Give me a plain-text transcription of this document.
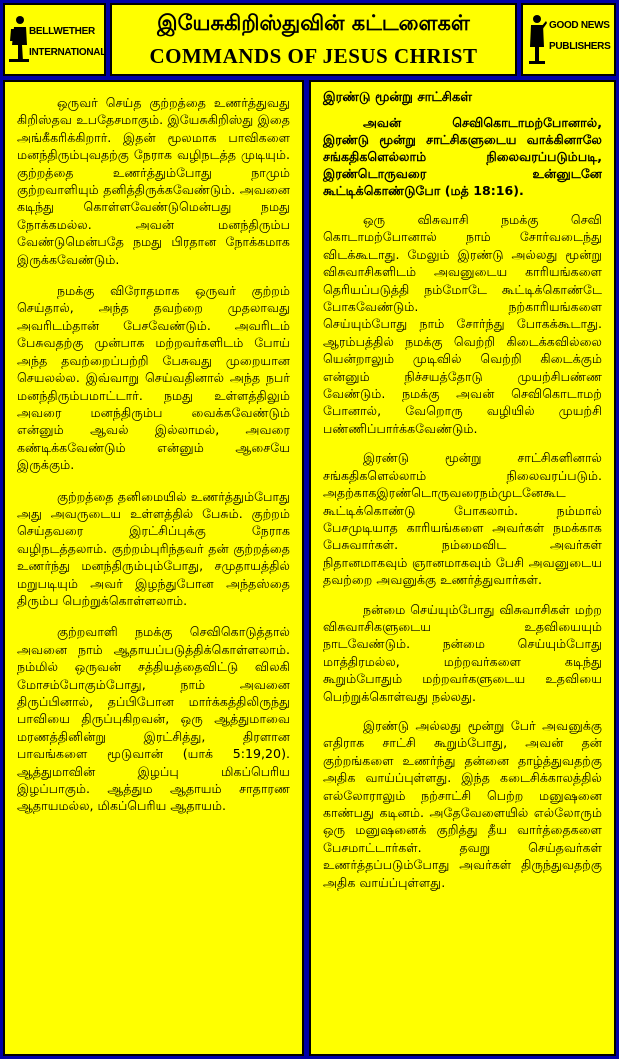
BELLWETHER
INTERNATIONAL
இயேசுகிறிஸ்துவின் கட்டளைகள்
COMMANDS OF JESUS CHRIST
GOOD NEWS
PUBLISHERS

ஒருவர் செய்த குற்றத்தை உணர்த்துவது கிறிஸ்தவ உபதேசமாகும். இயேசுகிறிஸ்து இதை அங்கீகரிக்கிறார். இதன் மூலமாக பாவிகளை மனந்திரும்புவதற்கு நேராக வழிநடத்த முடியும். குற்றத்தை உணர்த்தும்போது நாமும் குற்றவாளியும் தனித்திருக்கவேண்டும். அவனை கடிந்து கொள்ளவேண்டுமென்பது நமது நோக்கமல்ல. அவன் மனந்திரும்ப வேண்டுமென்பதே நமது பிரதான நோக்கமாக இருக்கவேண்டும்.

நமக்கு விரோதமாக ஒருவர் குற்றம் செய்தால், அந்த தவற்றை முதலாவது அவரிடம்தான் பேசவேண்டும். அவரிடம் பேசுவதற்கு முன்பாக மற்றவர்களிடம் போய் அந்த தவற்றைப்பற்றி பேசுவது முறையான செயலல்ல. இவ்வாறு செய்வதினால் அந்த நபர் மனந்திரும்பமாட்டார். நமது உள்ளத்திலும் அவரை மனந்திரும்ப வைக்கவேண்டும் என்னும் ஆவல் இல்லாமல், அவரை கண்டிக்கவேண்டும் என்னும் ஆசையே இருக்கும்.

குற்றத்தை தனிமையில் உணர்த்தும்போது அது அவருடைய உள்ளத்தில் பேசும். குற்றம் செய்தவரை இரட்சிப்புக்கு நேராக வழிநடத்தலாம். குற்றம்புரிந்தவர் தன் குற்றத்தை உணர்ந்து மனந்திரும்பும்போது, சமுதாயத்தில் மறுபடியும் அவர் இழந்துபோன அந்தஸ்தை திரும்ப பெற்றுக்கொள்ளலாம்.

குற்றவாளி நமக்கு செவிகொடுத்தால் அவனை நாம் ஆதாயப்படுத்திக்கொள்ளலாம். நம்மில் ஒருவன் சத்தியத்தைவிட்டு விலகி மோசம்போகும்போது, நாம் அவனை திருப்பினால், தப்பிபோன மார்க்கத்திலிருந்து பாவியை திருப்புகிறவன், ஒரு ஆத்துமாவை மரணத்தினின்று இரட்சித்து, திரளான பாவங்களை மூடுவான் (யாக் 5:19,20). ஆத்துமாவின் இழப்பு மிகப்பெரிய இழப்பாகும். ஆத்தும ஆதாயம் சாதாரண ஆதாயமல்ல, மிகப்பெரிய ஆதாயம்.

இரண்டு மூன்று சாட்சிகள்

அவன் செவிகொடாமற்போனால், இரண்டு மூன்று சாட்சிகளுடைய வாக்கினாலே சங்கதிகளெல்லாம் நிலைவரப்படும்படி, இரண்டொருவரை உன்னுடனே கூட்டிக்கொண்டுபோ (மத் 18:16).

ஒரு விசுவாசி நமக்கு செவி கொடாமற்போனால் நாம் சோர்வடைந்து விடக்கூடாது. மேலும் இரண்டு அல்லது மூன்று விசுவாசிகளிடம் அவனுடைய காரியங்களை தெரியப்படுத்தி நம்மோடே கூட்டிக்கொண்டே போகவேண்டும். நற்காரியங்களை செய்யும்போது நாம் சோர்ந்து போகக்கூடாது. ஆரம்பத்தில் நமக்கு வெற்றி கிடைக்கவில்லை யென்றாலும் முடிவில் வெற்றி கிடைக்கும் என்னும் நிச்சயத்தோடு முயற்சிபண்ண வேண்டும். நமக்கு அவன் செவிகொடாமற் போனால், வேறொரு வழியில் முயற்சி பண்ணிப்பார்க்கவேண்டும்.

இரண்டு மூன்று சாட்சிகளினால் சங்கதிகளெல்லாம் நிலைவரப்படும். அதற்காகஇரண்டொருவரைநம்முடனேகூட கூட்டிக்கொண்டு போகலாம். நம்மால் பேசமுடியாத காரியங்களை அவர்கள் நமக்காக பேசுவார்கள். நம்மைவிட அவர்கள் நிதானமாகவும் ஞானமாகவும் பேசி அவனுடைய தவற்றை அவனுக்கு உணர்த்துவார்கள்.

நன்மை செய்யும்போது விசுவாசிகள் மற்ற விசுவாசிகளுடைய உதவியையும் நாடவேண்டும். நன்மை செய்யும்போது மாத்திரமல்ல, மற்றவர்களை கடிந்து கூறும்போதும் மற்றவர்களுடைய உதவியை பெற்றுக்கொள்வது நல்லது.

இரண்டு அல்லது மூன்று பேர் அவனுக்கு எதிராக சாட்சி கூறும்போது, அவன் தன் குற்றங்களை உணர்ந்து தன்னை தாழ்த்துவதற்கு அதிக வாய்ப்புள்ளது. இந்த கடைசிக்காலத்தில் எல்லோராலும் நற்சாட்சி பெற்ற மனுஷனை காண்பது கடினம். அதேவேளையில் எல்லோரும் ஒரு மனுஷனைக் குறித்து தீய வார்த்தைகளை பேசமாட்டார்கள். தவறு செய்தவர்கள் உணர்த்தப்படும்போது அவர்கள் திருந்துவதற்கு அதிக வாய்ப்புள்ளது.
